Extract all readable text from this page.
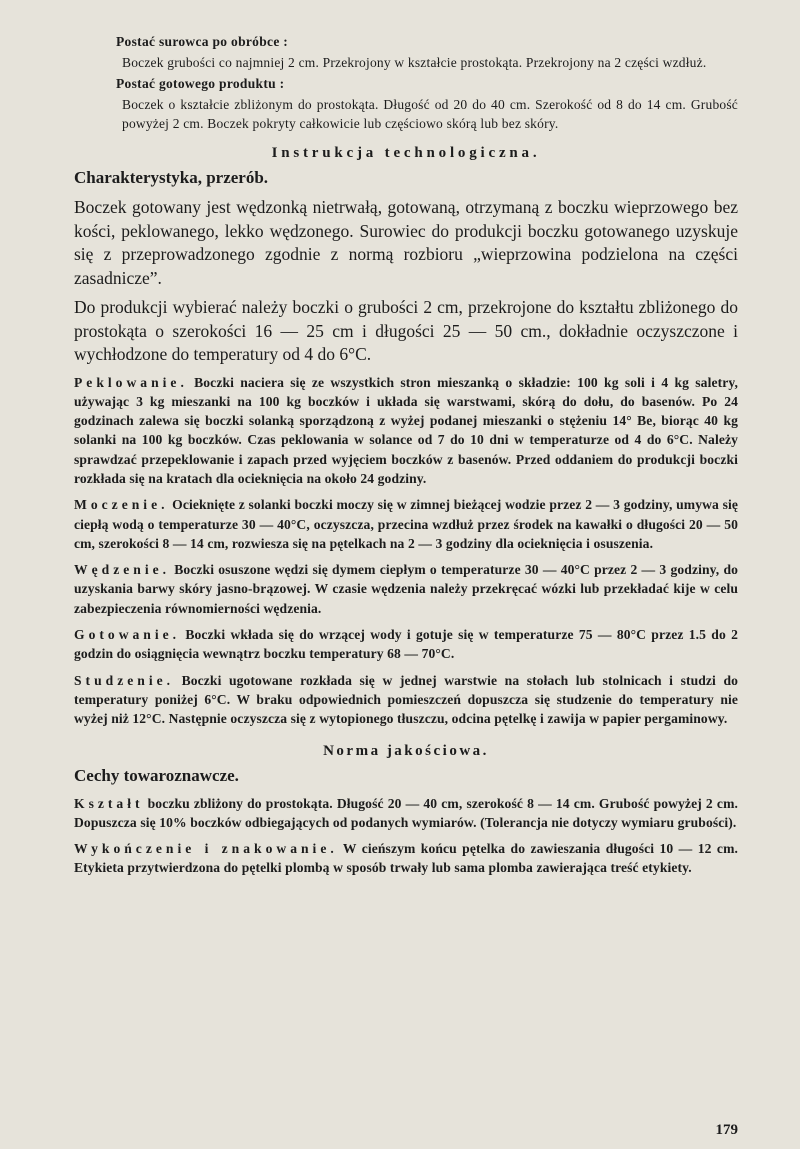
Postać surowca po obróbce :
Boczek grubości co najmniej 2 cm. Przekrojony w kształcie prostokąta. Przekrojony na 2 części wzdłuż.
Postać gotowego produktu :
Boczek o kształcie zbliżonym do prostokąta. Długość od 20 do 40 cm. Szerokość od 8 do 14 cm. Grubość powyżej 2 cm. Boczek pokryty całkowicie lub częściowo skórą lub bez skóry.
Instrukcja technologiczna.
Charakterystyka, przerób.

Boczek gotowany jest wędzonką nietrwałą, gotowaną, otrzymaną z boczku wieprzowego bez kości, peklowanego, lekko wędzonego. Surowiec do produkcji boczku gotowanego uzyskuje się z przeprowadzonego zgodnie z normą rozbioru „wieprzowina podzielona na części zasadnicze”.

Do produkcji wybierać należy boczki o grubości 2 cm, przekrojone do kształtu zbliżonego do prostokąta o szerokości 16 — 25 cm i długości 25 — 50 cm., dokładnie oczyszczone i wychłodzone do temperatury od 4 do 6°C.

Peklowanie. Boczki naciera się ze wszystkich stron mieszanką o składzie: 100 kg soli i 4 kg saletry, używając 3 kg mieszanki na 100 kg boczków i układa się warstwami, skórą do dołu, do basenów. Po 24 godzinach zalewa się boczki solanką sporządzoną z wyżej podanej mieszanki o stężeniu 14° Be, biorąc 40 kg solanki na 100 kg boczków. Czas peklowania w solance od 7 do 10 dni w temperaturze od 4 do 6°C. Należy sprawdzać przepeklowanie i zapach przed wyjęciem boczków z basenów. Przed oddaniem do produkcji boczki rozkłada się na kratach dla ocieknięcia na około 24 godziny.

Moczenie. Ocieknięte z solanki boczki moczy się w zimnej bieżącej wodzie przez 2 — 3 godziny, umywa się ciepłą wodą o temperaturze 30 — 40°C, oczyszcza, przecina wzdłuż przez środek na kawałki o długości 20 — 50 cm, szerokości 8 — 14 cm, rozwiesza się na pętelkach na 2 — 3 godziny dla ocieknięcia i osuszenia.

Wędzenie. Boczki osuszone wędzi się dymem ciepłym o temperaturze 30 — 40°C przez 2 — 3 godziny, do uzyskania barwy skóry jasno-brązowej. W czasie wędzenia należy przekręcać wózki lub przekładać kije w celu zabezpieczenia równomierności wędzenia.

Gotowanie. Boczki wkłada się do wrzącej wody i gotuje się w temperaturze 75 — 80°C przez 1.5 do 2 godzin do osiągnięcia wewnątrz boczku temperatury 68 — 70°C.

Studzenie. Boczki ugotowane rozkłada się w jednej warstwie na stołach lub stolnicach i studzi do temperatury poniżej 6°C. W braku odpowiednich pomieszczeń dopuszcza się studzenie do temperatury nie wyżej niż 12°C. Następnie oczyszcza się z wytopionego tłuszczu, odcina pętelkę i zawija w papier pergaminowy.

Norma jakościowa.
Cechy towaroznawcze.

Kształt boczku zbliżony do prostokąta. Długość 20 — 40 cm, szerokość 8 — 14 cm. Grubość powyżej 2 cm. Dopuszcza się 10% boczków odbiegających od podanych wymiarów. (Tolerancja nie dotyczy wymiaru grubości).

Wykończenie i znakowanie. W cieńszym końcu pętelka do zawieszania długości 10 — 12 cm. Etykieta przytwierdzona do pętelki plombą w sposób trwały lub sama plomba zawierająca treść etykiety.

179
